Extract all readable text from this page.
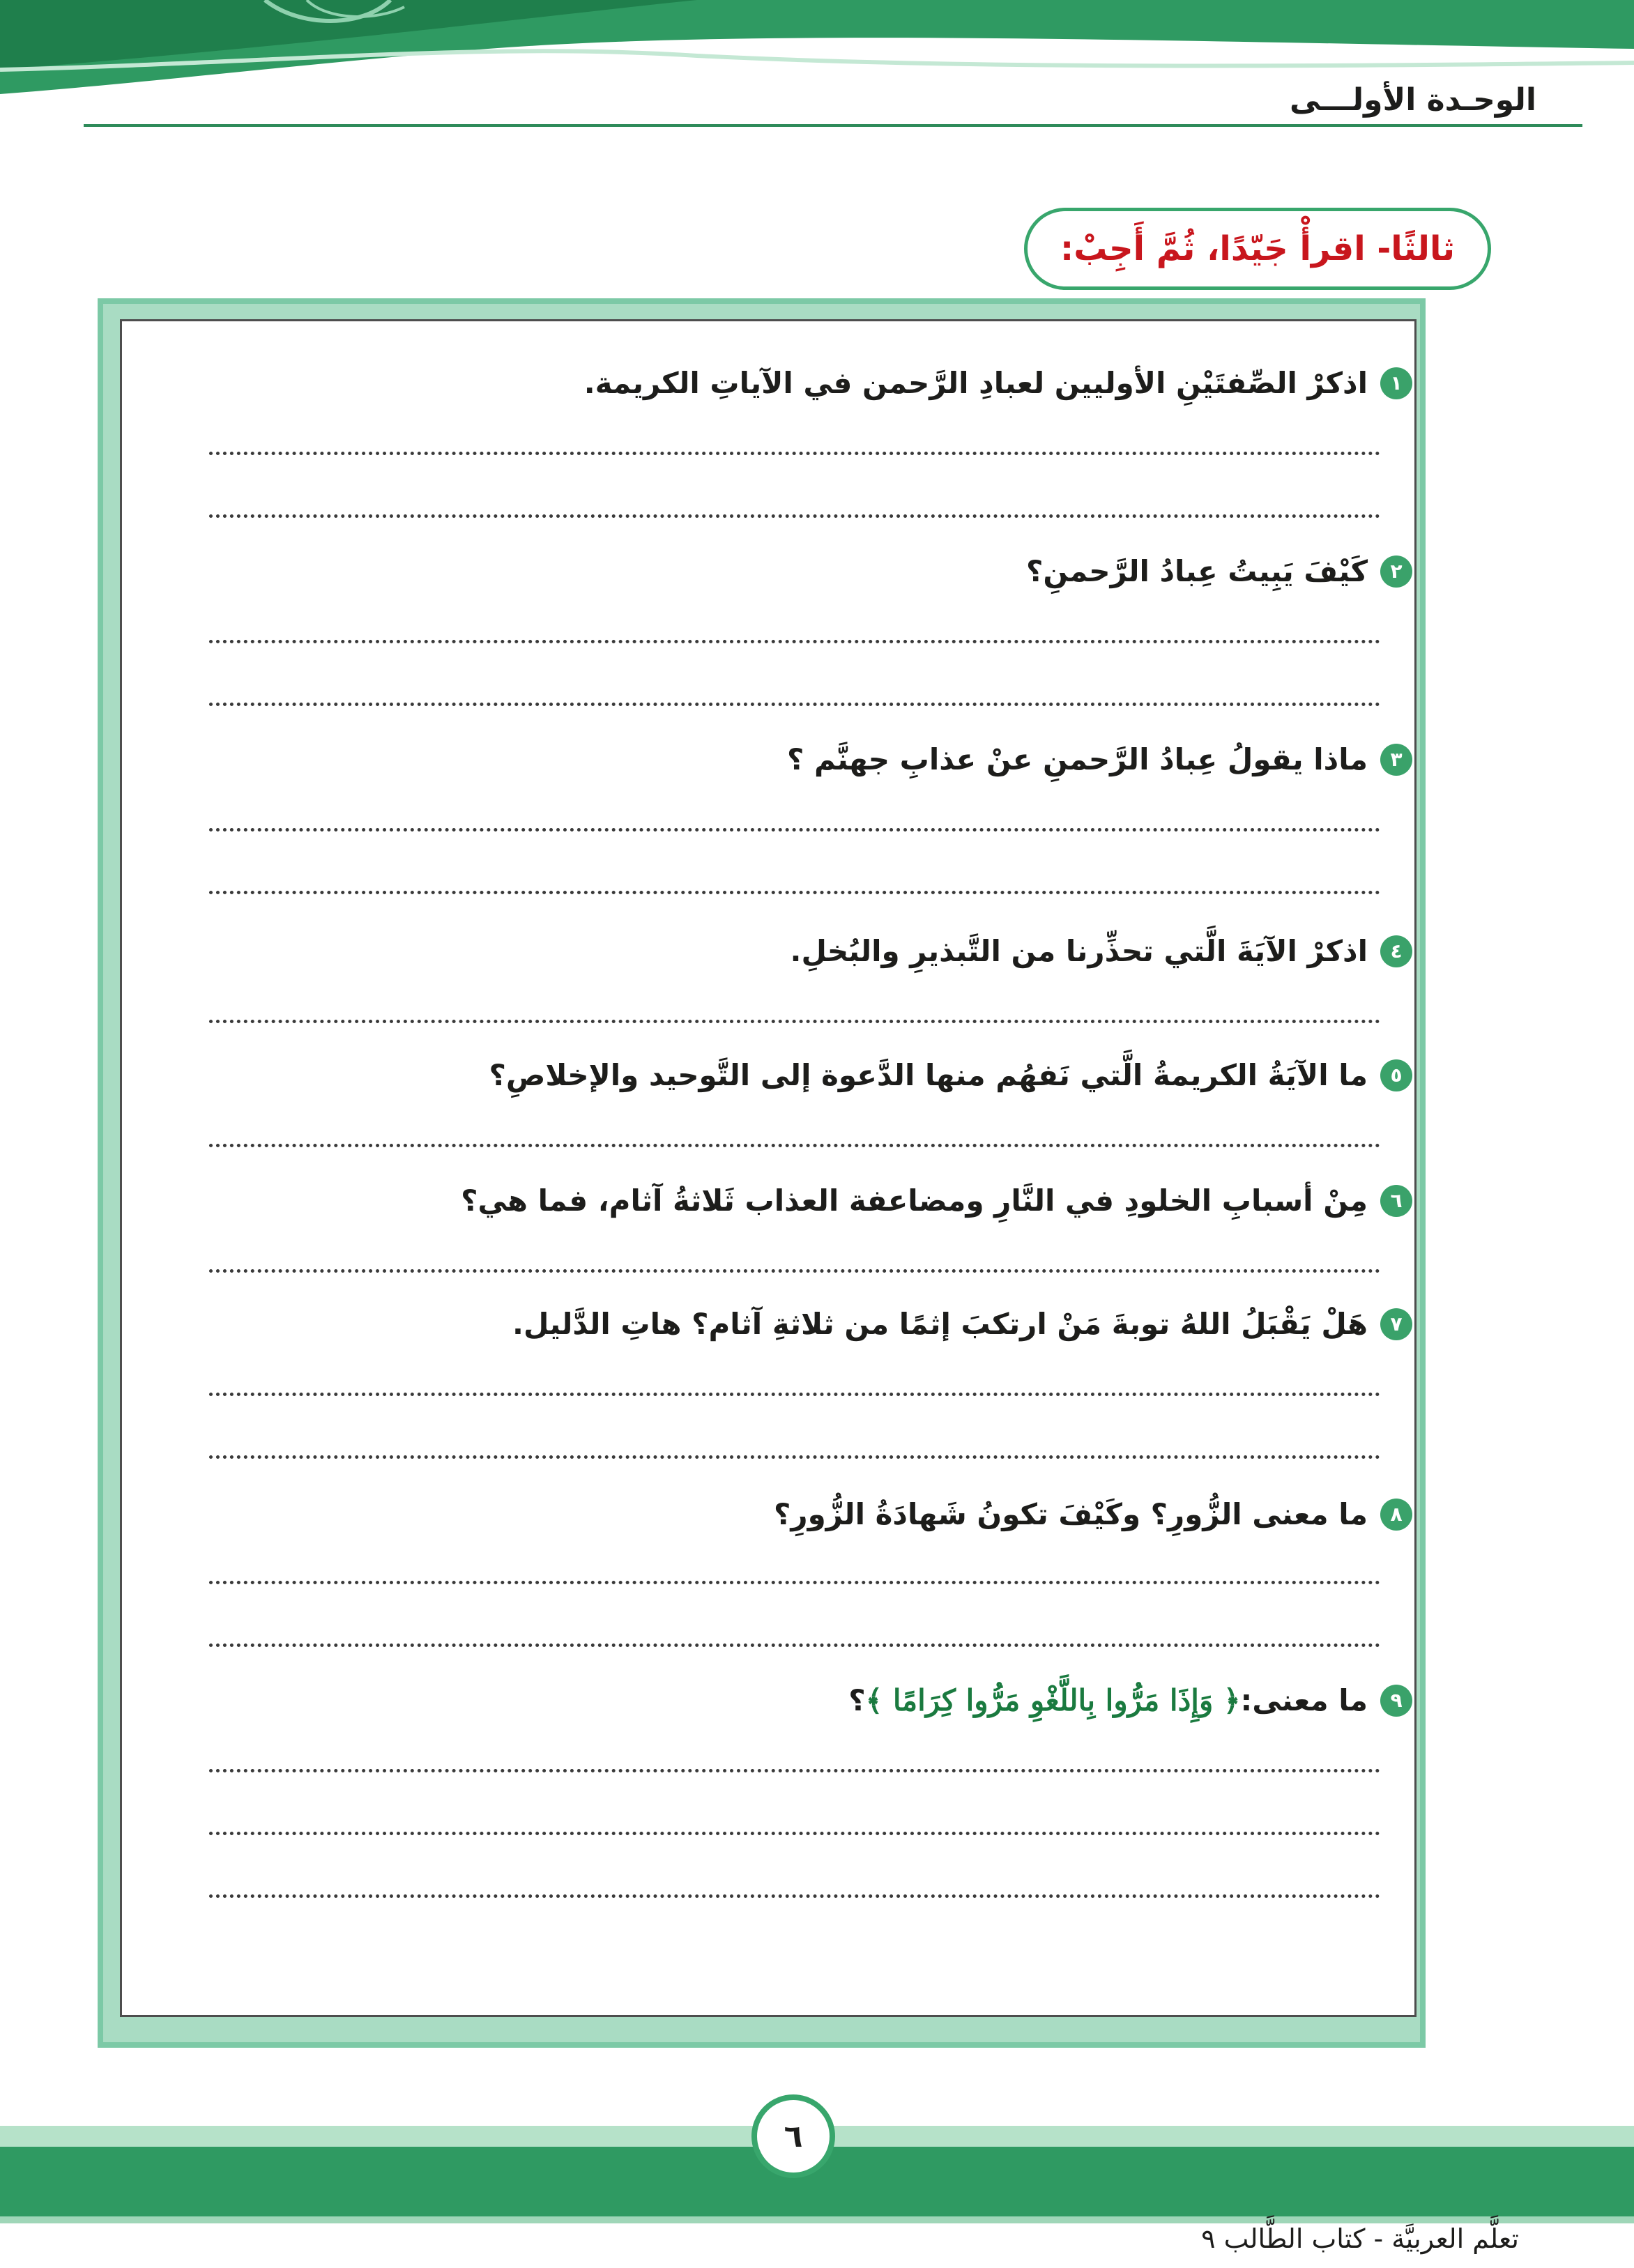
الوحـدة الأولـــى
ثالثًا- اقرأْ جَيّدًا، ثُمَّ أَجِبْ:
١
اذكرْ الصِّفتَيْنِ الأوليين لعبادِ الرَّحمن في الآياتِ الكريمة.
٢
كَيْفَ يَبِيتُ عِبادُ الرَّحمنِ؟
٣
ماذا يقولُ عِبادُ الرَّحمنِ عنْ عذابِ جهنَّم ؟
٤
اذكرْ الآيَةَ الَّتي تحذِّرنا من التَّبذيرِ والبُخلِ.
٥
ما الآيَةُ الكريمةُ الَّتي نَفهُم منها الدَّعوة إلى التَّوحيد والإخلاصِ؟
٦
مِنْ أسبابِ الخلودِ في النَّارِ ومضاعفة العذاب ثَلاثةُ آثام، فما هي؟
٧
هَلْ يَقْبَلُ اللهُ توبةَ مَنْ ارتكبَ إثمًا من ثلاثةِ آثام؟ هاتِ الدَّليل.
٨
ما معنى الزُّورِ؟ وكَيْفَ تكونُ شَهادَةُ الزُّورِ؟
٩
ما معنى:
﴿ وَإِذَا مَرُّوا بِاللَّغْوِ مَرُّوا كِرَامًا ﴾
؟
٦
تعلَّم العربيَّة - كتاب الطَّالب ٩
